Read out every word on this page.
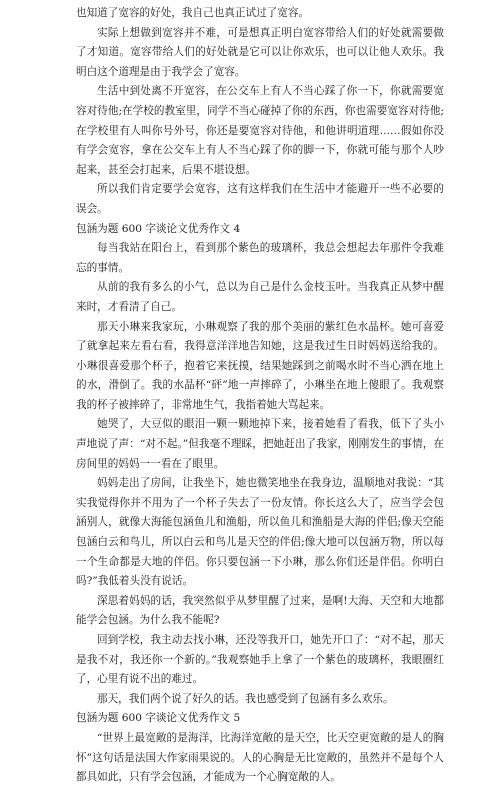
也知道了宽容的好处，我自己也真正试过了宽容。

实际上想做到宽容并不难，可是想真正明白宽容带给人们的好处就需要做了才知道。宽容带给人们的好处就是它可以让你欢乐，也可以让他人欢乐。我明白这个道理是由于我学会了宽容。

生活中到处离不开宽容，在公交车上有人不当心踩了你一下，你就需要宽容对待他;在学校的教室里，同学不当心碰掉了你的东西，你也需要宽容对待他;在学校里有人叫你号外号，你还是要宽容对待他，和他讲明道理……假如你没有学会宽容，拿在公交车上有人不当心踩了你的脚一下，你就可能与那个人吵起来，甚至会打起来，后果不堪设想。

所以我们肯定要学会宽容，这有这样我们在生活中才能避开一些不必要的误会。

包涵为题 600 字谈论文优秀作文 4

每当我站在阳台上，看到那个紫色的玻璃杯，我总会想起去年那件令我难忘的事情。

从前的我有多么的小气，总以为自己是什么金枝玉叶。当我真正从梦中醒来时，才看清了自己。

那天小琳来我家玩，小琳观察了我的那个美丽的紫红色水晶杯。她可喜爱了就拿起来左看右看，我得意洋洋地告知她，这是我过生日时妈妈送给我的。小琳很喜爱那个杯子，抱着它来抚摸，结果她踩到之前喝水时不当心洒在地上的水，滑倒了。我的水晶杯“砰”地一声摔碎了，小琳坐在地上傻眼了。我观察我的杯子被摔碎了，非常地生气，我指着她大骂起来。

她哭了，大豆似的眼泪一颗一颗地掉下来，接着她看了看我，低下了头小声地说了声：“对不起。”但我毫不理睬，把她赶出了我家，刚刚发生的事情，在房间里的妈妈一一看在了眼里。

妈妈走出了房间，让我坐下，她也微笑地坐在我身边，温顺地对我说：“其实我觉得你并不用为了一个杯子失去了一份友情。你长这么大了，应当学会包涵别人，就像大海能包涵鱼儿和渔船，所以鱼儿和渔船是大海的伴侣;像天空能包涵白云和鸟儿，所以白云和鸟儿是天空的伴侣;像大地可以包涵万物，所以每一个生命都是大地的伴侣。你只要包涵一下小琳，那么你们还是伴侣。你明白吗?”我低着头没有说话。

深思着妈妈的话，我突然似乎从梦里醒了过来，是啊!大海、天空和大地都能学会包涵。为什么我不能呢?

回到学校，我主动去找小琳，还没等我开口，她先开口了：“对不起，那天是我不对，我还你一个新的。”我观察她手上拿了一个紫色的玻璃杯，我眼圈红了，心里有说不出的难过。

那天，我们两个说了好久的话。我也感受到了包涵有多么欢乐。

包涵为题 600 字谈论文优秀作文 5

“世界上最宽敞的是海洋，比海洋宽敞的是天空，比天空更宽敞的是人的胸怀”这句话是法国大作家雨果说的。人的心胸是无比宽敞的，虽然并不是每个人都具如此，只有学会包涵，才能成为一个心胸宽敞的人。
